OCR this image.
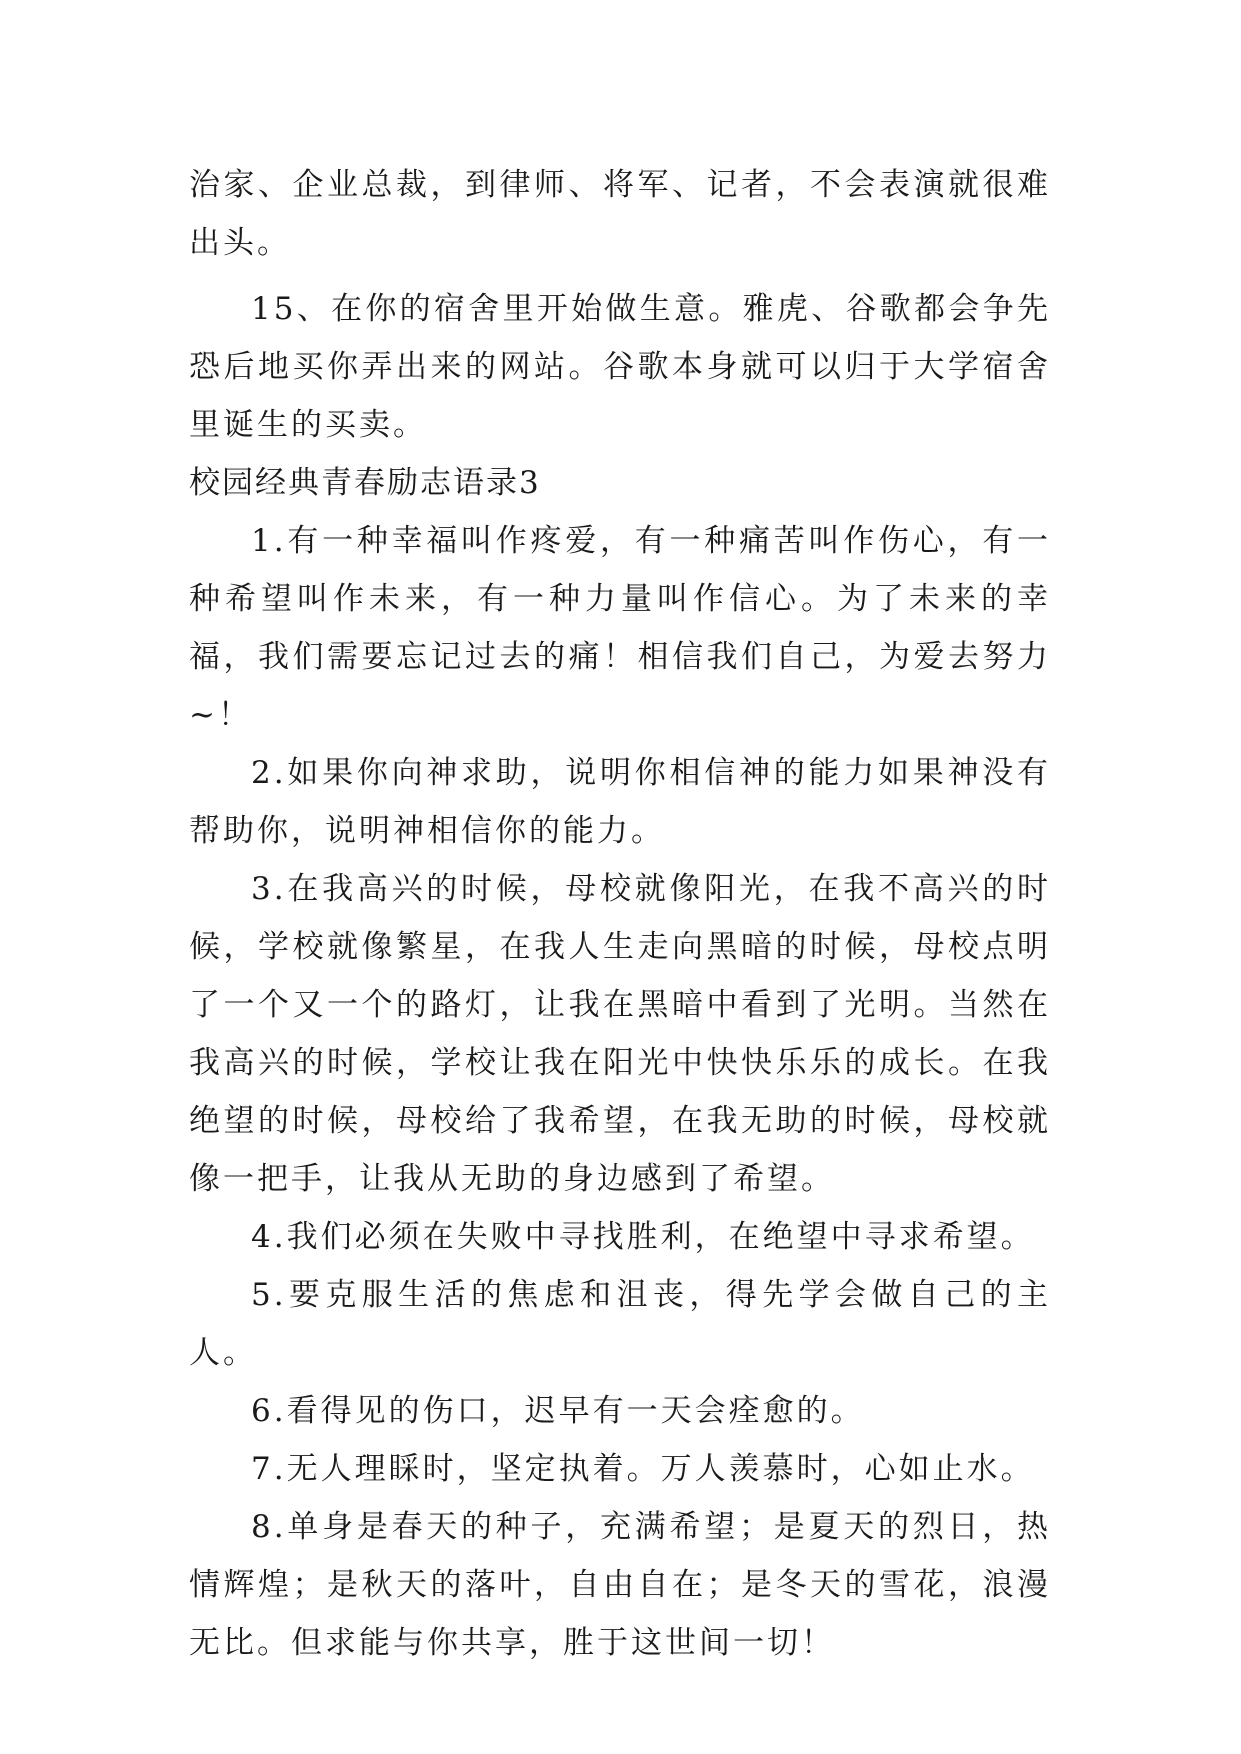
治家、企业总裁，到律师、将军、记者，不会表演就很难出头。

15、在你的宿舍里开始做生意。雅虎、谷歌都会争先恐后地买你弄出来的网站。谷歌本身就可以归于大学宿舍里诞生的买卖。

校园经典青春励志语录3

1.有一种幸福叫作疼爱，有一种痛苦叫作伤心，有一种希望叫作未来，有一种力量叫作信心。为了未来的幸福，我们需要忘记过去的痛！相信我们自己，为爱去努力~！

2.如果你向神求助，说明你相信神的能力如果神没有帮助你，说明神相信你的能力。

3.在我高兴的时候，母校就像阳光，在我不高兴的时候，学校就像繁星，在我人生走向黑暗的时候，母校点明了一个又一个的路灯，让我在黑暗中看到了光明。当然在我高兴的时候，学校让我在阳光中快快乐乐的成长。在我绝望的时候，母校给了我希望，在我无助的时候，母校就像一把手，让我从无助的身边感到了希望。

4.我们必须在失败中寻找胜利，在绝望中寻求希望。

5.要克服生活的焦虑和沮丧，得先学会做自己的主人。

6.看得见的伤口，迟早有一天会痊愈的。

7.无人理睬时，坚定执着。万人羡慕时，心如止水。

8.单身是春天的种子，充满希望；是夏天的烈日，热情辉煌；是秋天的落叶，自由自在；是冬天的雪花，浪漫无比。但求能与你共享，胜于这世间一切！
